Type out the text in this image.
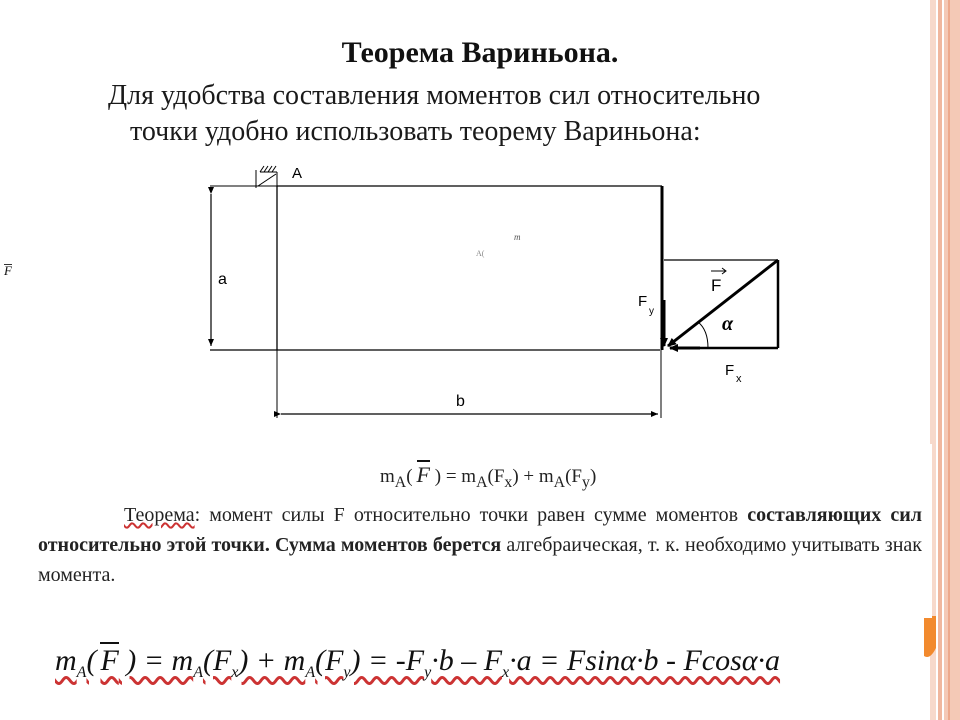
Теорема Вариньона.
Для удобства составления моментов сил относительно
точки удобно использовать теорему Вариньона:
F
A
a
b
m
A(
F
F
y
F x
α
$m_A$( F ) = $m_A(F_x) + m_A(F_y)$
Теорема: момент силы F относительно точки равен сумме моментов составляющих сил относительно этой точки. Сумма моментов берется алгебраическая, т. к. необходимо учитывать знак момента.
$m_A$( F ) = $m_A(F_x) + m_A(F_y) = -F_y\cdot b - F_x\cdot a = Fsin\alpha\cdot b - Fcos\alpha\cdot a$
